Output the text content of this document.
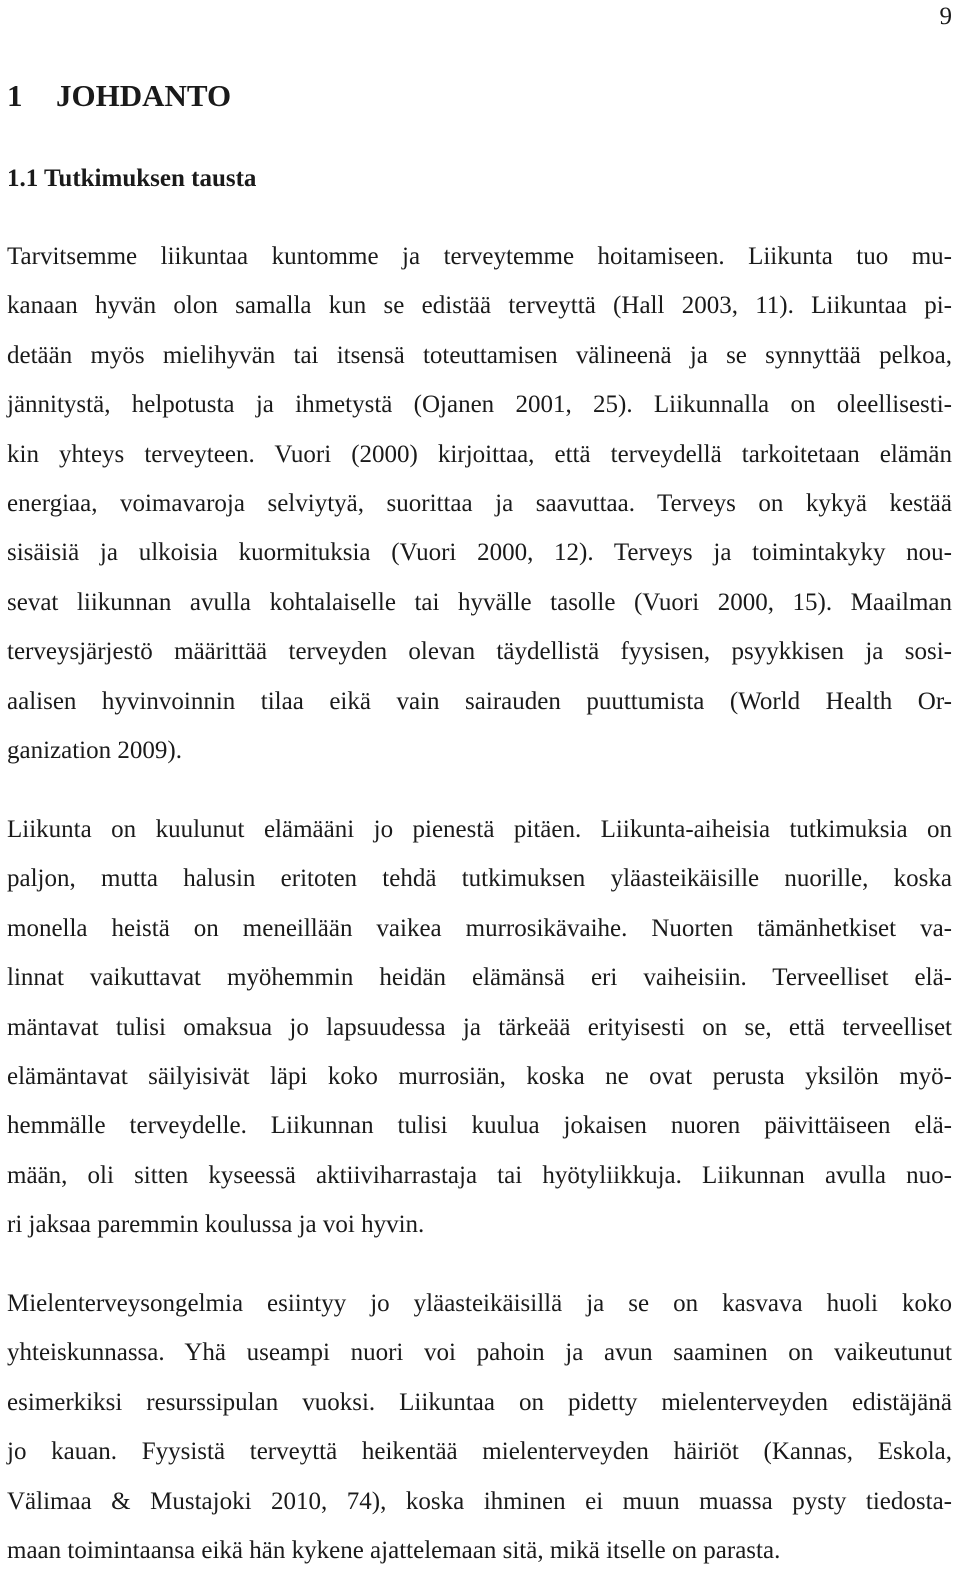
9
1 JOHDANTO
1.1 Tutkimuksen tausta
Tarvitsemme liikuntaa kuntomme ja terveytemme hoitamiseen. Liikunta tuo mu-
kanaan hyvän olon samalla kun se edistää terveyttä (Hall 2003, 11). Liikuntaa pi-
detään myös mielihyvän tai itsensä toteuttamisen välineenä ja se synnyttää pelkoa,
jännitystä, helpotusta ja ihmetystä (Ojanen 2001, 25). Liikunnalla on oleellisesti-
kin yhteys terveyteen. Vuori (2000) kirjoittaa, että terveydellä tarkoitetaan elämän
energiaa, voimavaroja selviytyä, suorittaa ja saavuttaa. Terveys on kykyä kestää
sisäisiä ja ulkoisia kuormituksia (Vuori 2000, 12). Terveys ja toimintakyky nou-
sevat liikunnan avulla kohtalaiselle tai hyvälle tasolle (Vuori 2000, 15). Maailman
terveysjärjestö määrittää terveyden olevan täydellistä fyysisen, psyykkisen ja sosi-
aalisen hyvinvoinnin tilaa eikä vain sairauden puuttumista (World Health Or-
ganization 2009).
Liikunta on kuulunut elämääni jo pienestä pitäen. Liikunta-aiheisia tutkimuksia on
paljon, mutta halusin eritoten tehdä tutkimuksen yläasteikäisille nuorille, koska
monella heistä on meneillään vaikea murrosikävaihe. Nuorten tämänhetkiset va-
linnat vaikuttavat myöhemmin heidän elämänsä eri vaiheisiin. Terveelliset elä-
mäntavat tulisi omaksua jo lapsuudessa ja tärkeää erityisesti on se, että terveelliset
elämäntavat säilyisivät läpi koko murrosiän, koska ne ovat perusta yksilön myö-
hemmälle terveydelle. Liikunnan tulisi kuulua jokaisen nuoren päivittäiseen elä-
mään, oli sitten kyseessä aktiiviharrastaja tai hyötyliikkuja. Liikunnan avulla nuo-
ri jaksaa paremmin koulussa ja voi hyvin.
Mielenterveysongelmia esiintyy jo yläasteikäisillä ja se on kasvava huoli koko
yhteiskunnassa. Yhä useampi nuori voi pahoin ja avun saaminen on vaikeutunut
esimerkiksi resurssipulan vuoksi. Liikuntaa on pidetty mielenterveyden edistäjänä
jo kauan. Fyysistä terveyttä heikentää mielenterveyden häiriöt (Kannas, Eskola,
Välimaa & Mustajoki 2010, 74), koska ihminen ei muun muassa pysty tiedosta-
maan toimintaansa eikä hän kykene ajattelemaan sitä, mikä itselle on parasta.
